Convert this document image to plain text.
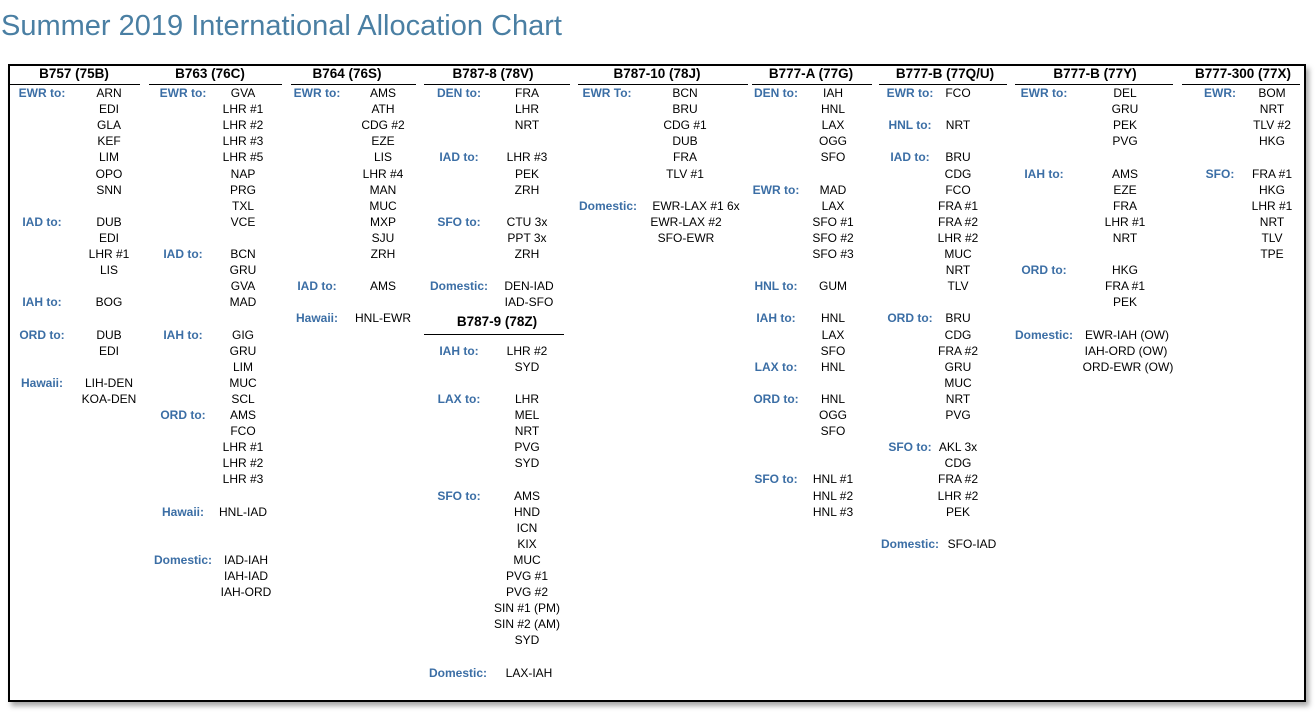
Summer 2019 International Allocation Chart
B757 (75B)
EWR to:	ARN
EDI
GLA
KEF
LIM
OPO
SNN
IAD to:	DUB
EDI
LHR #1
LIS
IAH to:	BOG
ORD to:	DUB
EDI
Hawaii: LIH-DEN
KOA-DEN
B763 (76C)
EWR to: GVA
LHR #1
LHR #2
LHR #3
LHR #5
NAP
PRG
TXL
VCE
IAD to: BCN
GRU
GVA
MAD
IAH to: GIG
GRU
LIM
MUC
SCL
ORD to: AMS
FCO
LHR #1
LHR #2
LHR #3
Hawaii: HNL-IAD
Domestic: IAD-IAH
IAH-IAD
IAH-ORD
B764 (76S)
EWR to: AMS
ATH
CDG #2
EZE
LIS
LHR #4
MAN
MUC
MXP
SJU
ZRH
IAD to:	AMS
Hawaii: HNL-EWR
B787-8 (78V)
DEN to:	FRA
LHR
NRT
IAD to: LHR #3
PEK
ZRH
SFO to: CTU 3x
PPT 3x
ZRH
Domestic: DEN-IAD
IAD-SFO
B787-9 (78Z)
IAH to: LHR #2
SYD
LAX to:	LHR
MEL
NRT
PVG
SYD
SFO to:	AMS
HND
ICN
KIX
MUC
PVG #1
PVG #2
SIN #1 (PM)
SIN #2 (AM)
SYD
Domestic: LAX-IAH
B787-10 (78J)
EWR To:	BCN
BRU
CDG #1
DUB
FRA
TLV #1
Domestic: EWR-LAX #1 6x
EWR-LAX #2
SFO-EWR
B777-A (77G)
DEN to: IAH
HNL
LAX
OGG
SFO
EWR to: MAD
LAX
SFO #1
SFO #2
SFO #3
HNL to: GUM
IAH to: HNL
LAX
SFO
LAX to: HNL
ORD to: HNL
OGG
SFO
SFO to: HNL #1
HNL #2
HNL #3
B777-B (77Q/U)
EWR to: FCO
HNL to: NRT
IAD to: BRU
CDG
FCO
FRA #1
FRA #2
LHR #2
MUC
NRT
TLV
ORD to: BRU
CDG
FRA #2
GRU
MUC
NRT
PVG
SFO to: AKL 3x
CDG
FRA #2
LHR #2
PEK
Domestic: SFO-IAD
B777-B (77Y)
EWR to:	DEL
GRU
PEK
PVG
IAH to:	AMS
EZE
FRA
LHR #1
NRT
ORD to:	HKG
FRA #1
PEK
Domestic: EWR-IAH (OW)
IAH-ORD (OW)
ORD-EWR (OW)
B777-300 (77X)
EWR: BOM
NRT
TLV #2
HKG
SFO: FRA #1
HKG
LHR #1
NRT
TLV
TPE
